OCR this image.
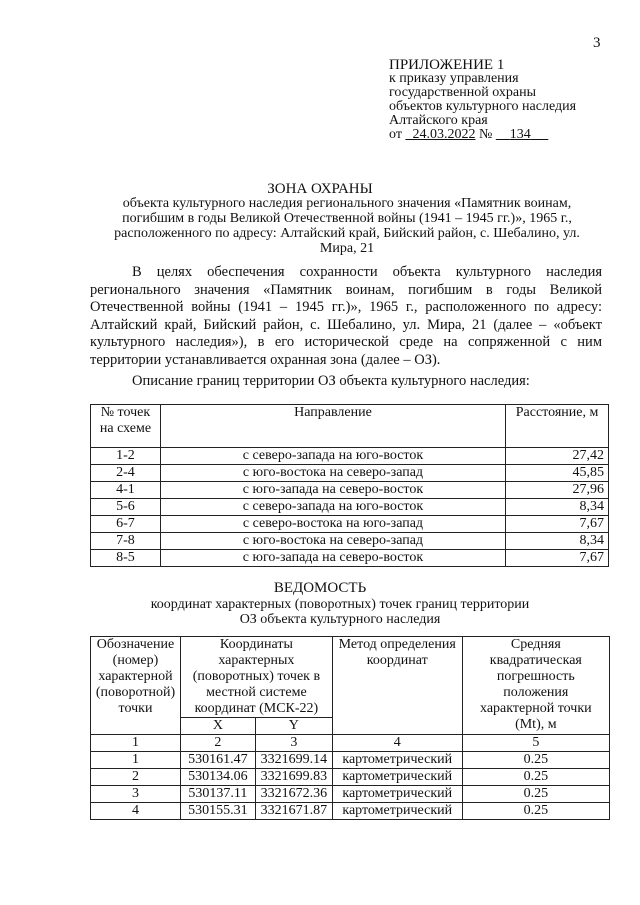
3
ПРИЛОЖЕНИЕ 1
к приказу управления
государственной охраны
объектов культурного наследия
Алтайского края
от 24.03.2022 № 134
ЗОНА ОХРАНЫ
объекта культурного наследия регионального значения «Памятник воинам, погибшим в годы Великой Отечественной войны (1941 – 1945 гг.)», 1965 г., расположенного по адресу: Алтайский край, Бийский район, с. Шебалино, ул. Мира, 21

В целях обеспечения сохранности объекта культурного наследия регионального значения «Памятник воинам, погибшим в годы Великой Отечественной войны (1941 – 1945 гг.)», 1965 г., расположенного по адресу: Алтайский край, Бийский район, с. Шебалино, ул. Мира, 21 (далее – «объект культурного наследия»), в его исторической среде на сопряженной с ним территории устанавливается охранная зона (далее – ОЗ).

Описание границ территории ОЗ объекта культурного наследия:
№ точек на схеме	Направление	Расстояние, м
1-2	с северо-запада на юго-восток	27,42
2-4	с юго-востока на северо-запад	45,85
4-1	с юго-запада на северо-восток	27,96
5-6	с северо-запада на юго-восток	8,34
6-7	с северо-востока на юго-запад	7,67
7-8	с юго-востока на северо-запад	8,34
8-5	с юго-запада на северо-восток	7,67
ВЕДОМОСТЬ
координат характерных (поворотных) точек границ территории ОЗ объекта культурного наследия
Обозначение (номер) характерной (поворотной) точки	Координаты характерных (поворотных) точек в местной системе координат (МСК-22)		Метод определения координат	Средняя квадратическая погрешность положения характерной точки (Mt), м
	X	Y		
1	2	3	4	5
1	530161.47	3321699.14	картометрический	0.25
2	530134.06	3321699.83	картометрический	0.25
3	530137.11	3321672.36	картометрический	0.25
4	530155.31	3321671.87	картометрический	0.25
